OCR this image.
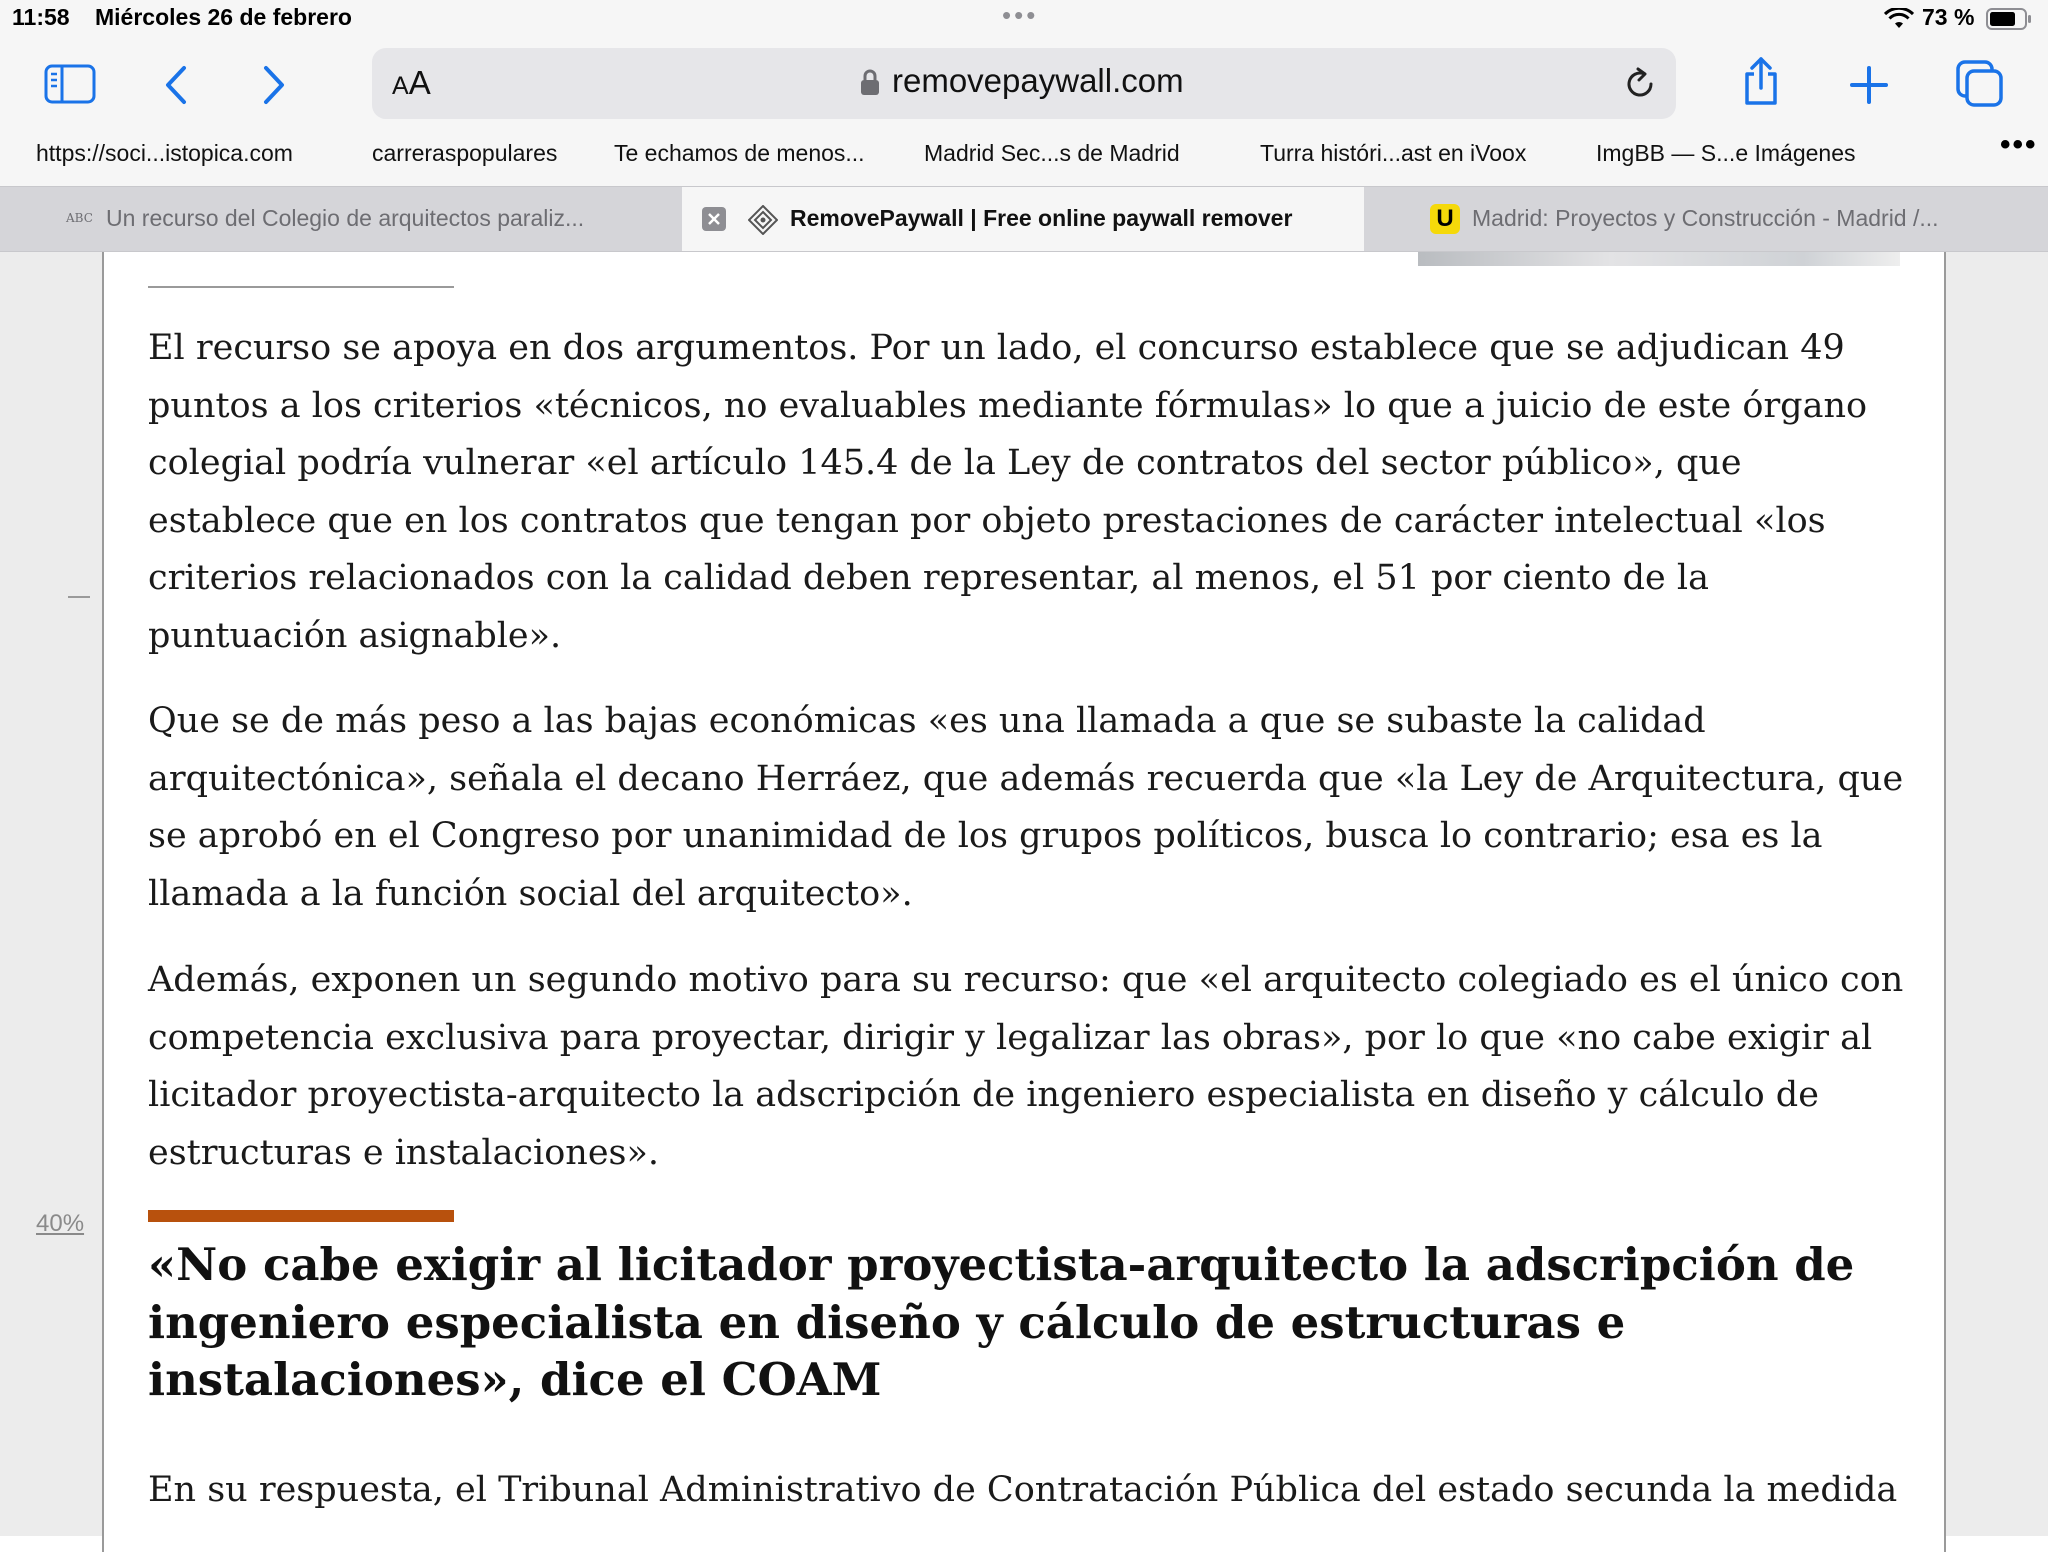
11:58 Miércoles 26 de febrero	•••	73 %
AA	removepaywall.com
https://soci...istopica.com	carreraspopulares Te echamos de menos...	Madrid Sec...s de Madrid	Turra históri...ast en iVoox	ImgBB — S...e Imágenes	•••
ABC Un recurso del Colegio de arquitectos paraliz...	RemovePaywall | Free online paywall remover	U Madrid: Proyectos y Construcción - Madrid /...
40%

El recurso se apoya en dos argumentos. Por un lado, el concurso establece que se adjudican 49 puntos a los criterios «técnicos, no evaluables mediante fórmulas» lo que a juicio de este órgano colegial podría vulnerar «el artículo 145.4 de la Ley de contratos del sector público», que establece que en los contratos que tengan por objeto prestaciones de carácter intelectual «los criterios relacionados con la calidad deben representar, al menos, el 51 por ciento de la puntuación asignable».

Que se de más peso a las bajas económicas «es una llamada a que se subaste la calidad arquitectónica», señala el decano Herráez, que además recuerda que «la Ley de Arquitectura, que se aprobó en el Congreso por unanimidad de los grupos políticos, busca lo contrario; esa es la llamada a la función social del arquitecto».

Además, exponen un segundo motivo para su recurso: que «el arquitecto colegiado es el único con competencia exclusiva para proyectar, dirigir y legalizar las obras», por lo que «no cabe exigir al licitador proyectista-arquitecto la adscripción de ingeniero especialista en diseño y cálculo de estructuras e instalaciones».

«No cabe exigir al licitador proyectista-arquitecto la adscripción de ingeniero especialista en diseño y cálculo de estructuras e instalaciones», dice el COAM

En su respuesta, el Tribunal Administrativo de Contratación Pública del estado secunda la medida
